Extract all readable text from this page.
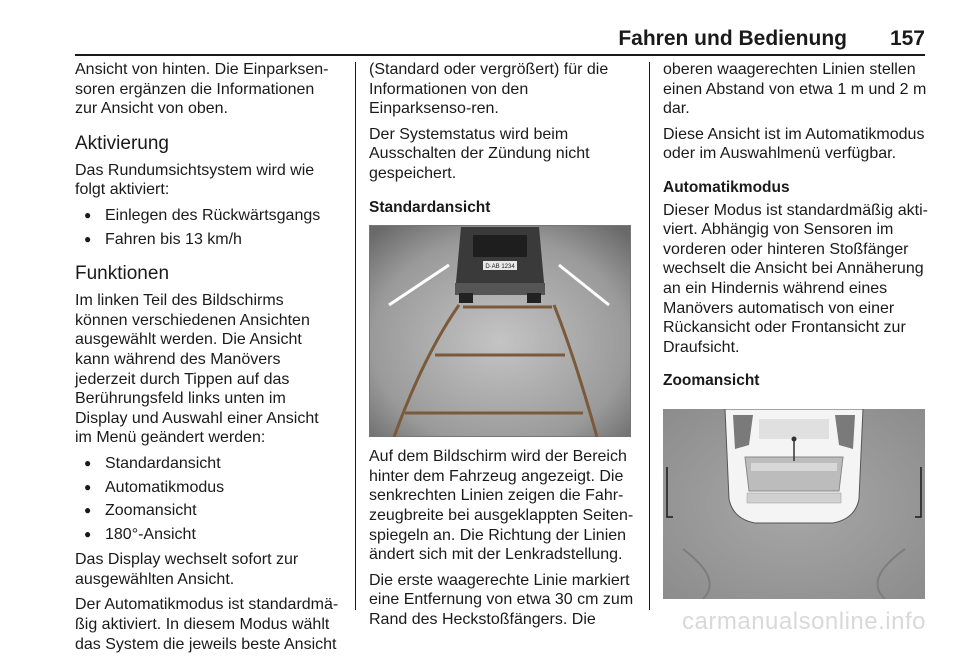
Fahren und Bedienung 157

Ansicht von hinten. Die Einparksen-soren ergänzen die Informationen zur Ansicht von oben.

Aktivierung

Das Rundumsichtsystem wird wie folgt aktiviert:

● Einlegen des Rückwärtsgangs
● Fahren bis 13 km/h
Funktionen

Im linken Teil des Bildschirms können verschiedenen Ansichten ausgewählt werden. Die Ansicht kann während des Manövers jederzeit durch Tippen auf das Berührungsfeld links unten im Display und Auswahl einer Ansicht im Menü geändert werden:

● Standardansicht
● Automatikmodus
● Zoomansicht
● 180°-Ansicht

Das Display wechselt sofort zur ausgewählten Ansicht.

Der Automatikmodus ist standardmä-ßig aktiviert. In diesem Modus wählt das System die jeweils beste Ansicht

(Standard oder vergrößert) für die Informationen von den Einparksenso-ren.

Der Systemstatus wird beim Ausschalten der Zündung nicht gespeichert.

Standardansicht
D·AB 1234

Auf dem Bildschirm wird der Bereich hinter dem Fahrzeug angezeigt. Die senkrechten Linien zeigen die Fahr-zeugbreite bei ausgeklappten Seiten-spiegeln an. Die Richtung der Linien ändert sich mit der Lenkradstellung.

Die erste waagerechte Linie markiert eine Entfernung von etwa 30 cm zum Rand des Heckstoßfängers. Die

oberen waagerechten Linien stellen einen Abstand von etwa 1 m und 2 m dar.

Diese Ansicht ist im Automatikmodus oder im Auswahlmenü verfügbar.

Automatikmodus

Dieser Modus ist standardmäßig akti-viert. Abhängig von Sensoren im vorderen oder hinteren Stoßfänger wechselt die Ansicht bei Annäherung an ein Hindernis während eines Manövers automatisch von einer Rückansicht oder Frontansicht zur Draufsicht.

Zoomansicht
carmanualsonline.info
